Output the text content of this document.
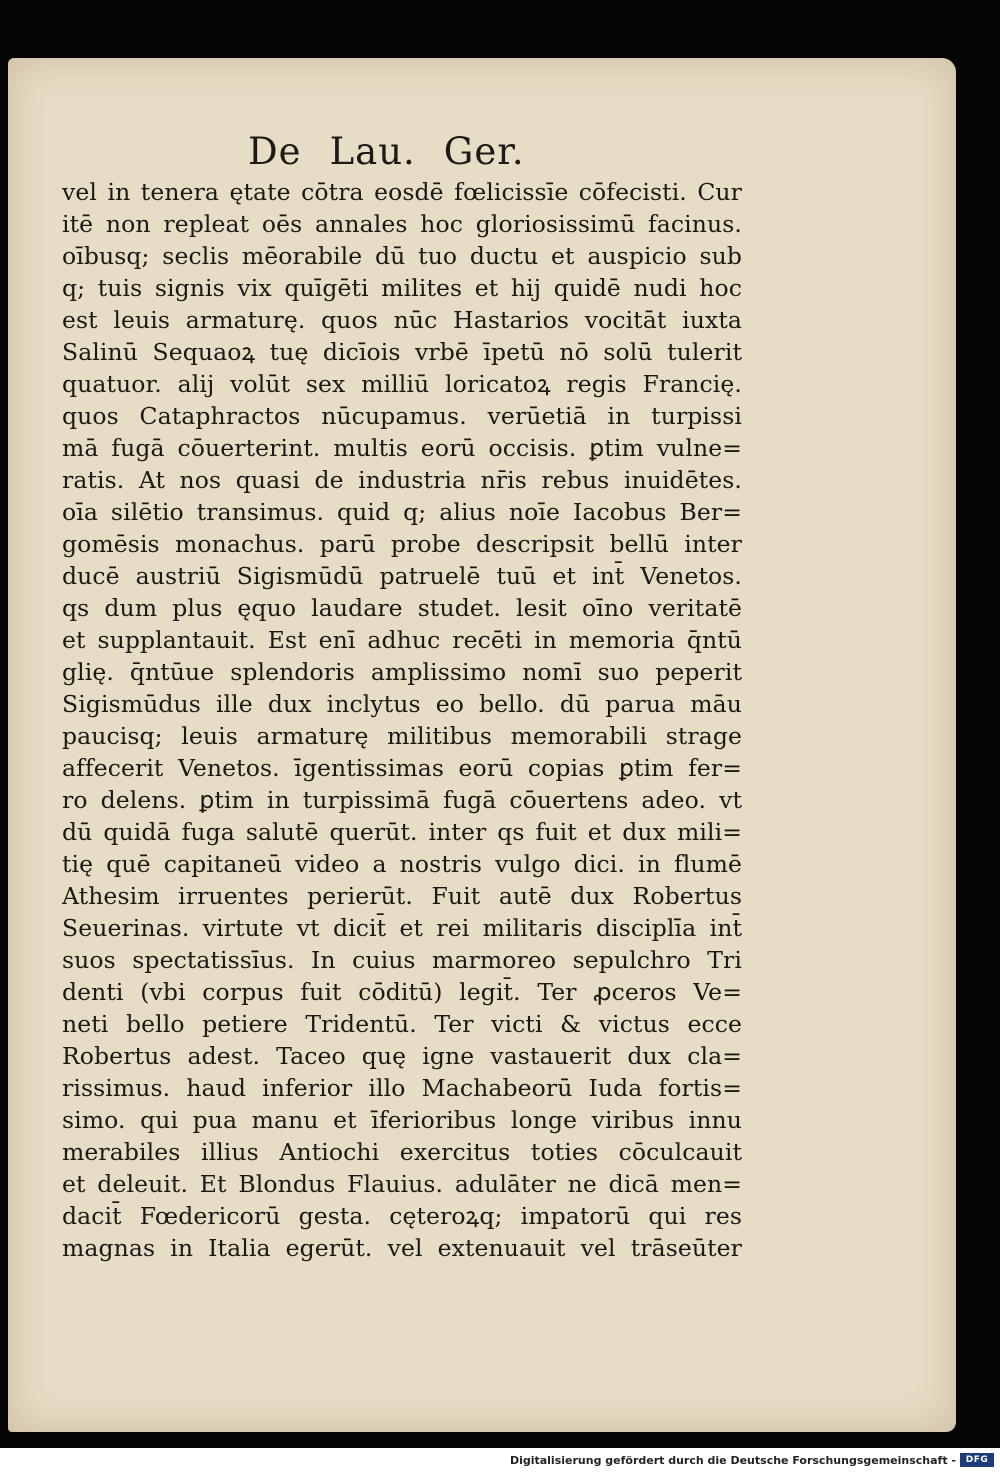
De Lau. Ger.
vel in tenera ętate cōtra eosdē fœlicissīe cōfecisti. Cur
itē non repleat oēs annales hoc gloriosissimū facinus.
oībusq; seclis mēorabile dū tuo ductu et auspicio sub
q; tuis signis vix quīgēti milites et hij quidē nudi hoc
est leuis armaturę. quos nūc Hastarios vocitāt iuxta
Salinū Sequaoꝝ tuę dicīois vrbē īpetū nō solū tulerit
quatuor. alij volūt sex milliū loricatoꝝ regis Francię.
quos Cataphractos nūcupamus. verūetiā in turpissi
mā fugā cōuerterint. multis eorū occisis. ꝑtim vulne=
ratis. At nos quasi de industria nr̄is rebus inuidētes.
oīa silētio transimus. quid q; alius noīe Iacobus Ber=
gomēsis monachus. parū probe descripsit bellū inter
ducē austriū Sigismūdū patruelē tuū et int̄ Venetos.
qs dum plus ęquo laudare studet. lesit oīno veritatē
et supplantauit. Est enī adhuc recēti in memoria q̄ntū
glię. q̄ntūue splendoris amplissimo nomī suo peperit
Sigismūdus ille dux inclytus eo bello. dū parua māu
paucisq; leuis armaturę militibus memorabili strage
affecerit Venetos. īgentissimas eorū copias ꝑtim fer=
ro delens. ꝑtim in turpissimā fugā cōuertens adeo. vt
dū quidā fuga salutē querūt. inter qs fuit et dux mili=
tię quē capitaneū video a nostris vulgo dici. in flumē
Athesim irruentes perierūt. Fuit autē dux Robertus
Seuerinas. virtute vt dicit̄ et rei militaris disciplīa int̄
suos spectatissīus. In cuius marmoreo sepulchro Tri
denti (vbi corpus fuit cōditū) legit̄. Ter ꝓceros Ve=
neti bello petiere Tridentū. Ter victi & victus ecce
Robertus adest. Taceo quę igne vastauerit dux cla=
rissimus. haud inferior illo Machabeorū Iuda fortis=
simo. qui pua manu et īferioribus longe viribus innu
merabiles illius Antiochi exercitus toties cōculcauit
et deleuit. Et Blondus Flauius. adulāter ne dicā men=
dacit̄ Fœdericorū gesta. cęteroꝝq; impatorū qui res
magnas in Italia egerūt. vel extenuauit vel trāseūter
Digitalisierung gefördert durch die Deutsche Forschungsgemeinschaft -	DFG
